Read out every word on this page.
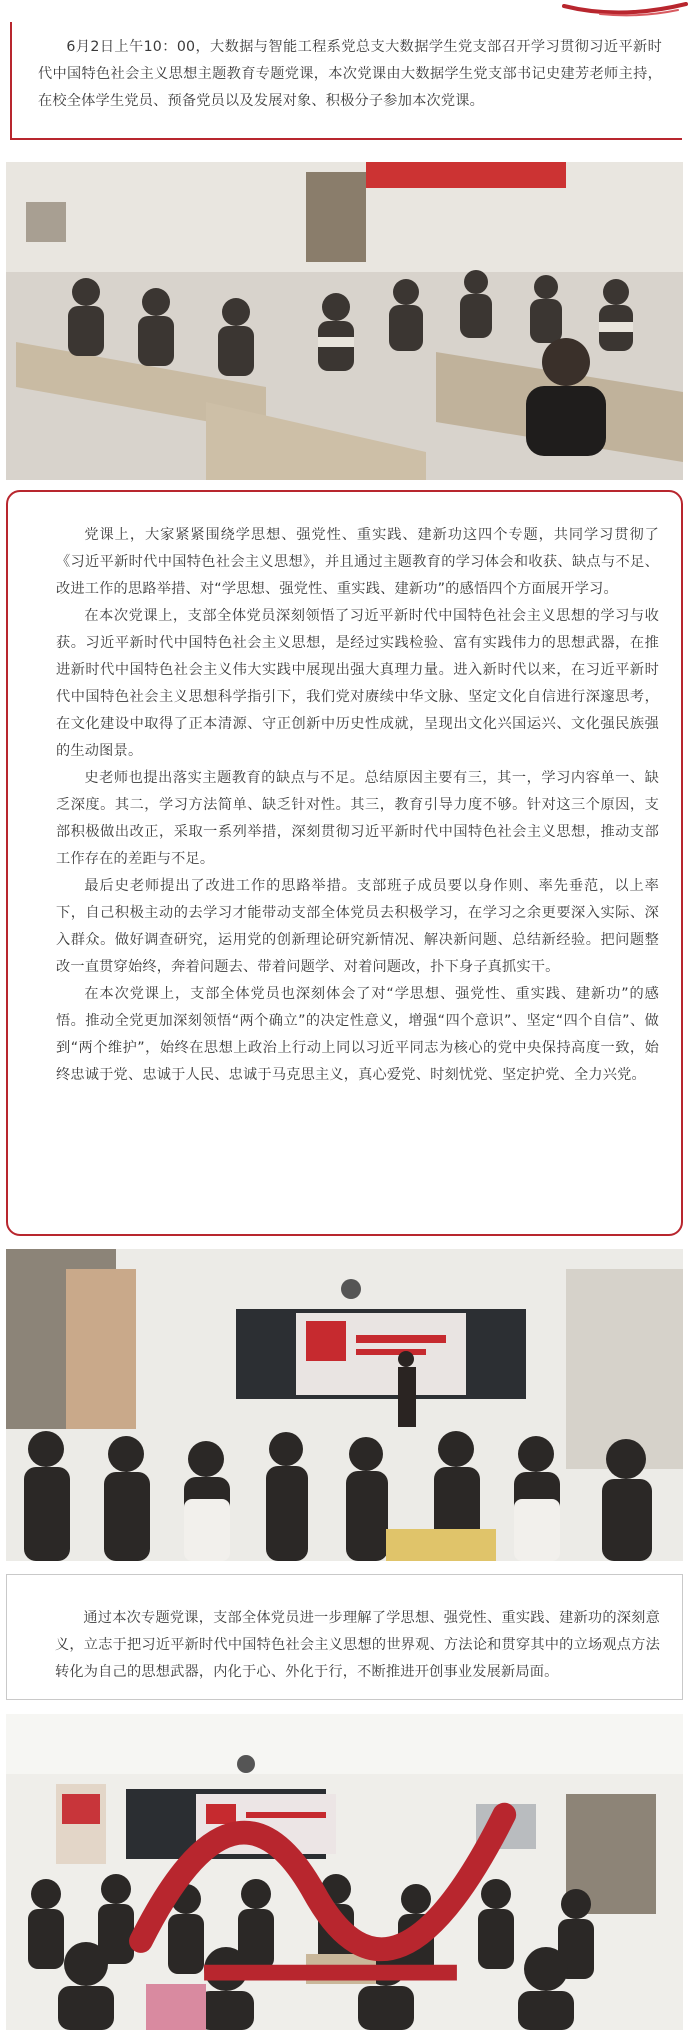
6月2日上午10：00，大数据与智能工程系党总支大数据学生党支部召开学习贯彻习近平新时代中国特色社会主义思想主题教育专题党课，本次党课由大数据学生党支部书记史建芳老师主持，在校全体学生党员、预备党员以及发展对象、积极分子参加本次党课。

党课上，大家紧紧围绕学思想、强党性、重实践、建新功这四个专题，共同学习贯彻了《习近平新时代中国特色社会主义思想》，并且通过主题教育的学习体会和收获、缺点与不足、改进工作的思路举措、对“学思想、强党性、重实践、建新功”的感悟四个方面展开学习。

在本次党课上，支部全体党员深刻领悟了习近平新时代中国特色社会主义思想的学习与收获。习近平新时代中国特色社会主义思想，是经过实践检验、富有实践伟力的思想武器，在推进新时代中国特色社会主义伟大实践中展现出强大真理力量。进入新时代以来，在习近平新时代中国特色社会主义思想科学指引下，我们党对赓续中华文脉、坚定文化自信进行深邃思考，在文化建设中取得了正本清源、守正创新中历史性成就，呈现出文化兴国运兴、文化强民族强的生动图景。

史老师也提出落实主题教育的缺点与不足。总结原因主要有三，其一，学习内容单一、缺乏深度。其二，学习方法简单、缺乏针对性。其三，教育引导力度不够。针对这三个原因，支部积极做出改正，采取一系列举措，深刻贯彻习近平新时代中国特色社会主义思想，推动支部工作存在的差距与不足。

最后史老师提出了改进工作的思路举措。支部班子成员要以身作则、率先垂范，以上率下，自己积极主动的去学习才能带动支部全体党员去积极学习，在学习之余更要深入实际、深入群众。做好调查研究，运用党的创新理论研究新情况、解决新问题、总结新经验。把问题整改一直贯穿始终，奔着问题去、带着问题学、对着问题改，扑下身子真抓实干。

在本次党课上，支部全体党员也深刻体会了对“学思想、强党性、重实践、建新功”的感悟。推动全党更加深刻领悟“两个确立”的决定性意义，增强“四个意识”、坚定“四个自信”、做到“两个维护”，始终在思想上政治上行动上同以习近平同志为核心的党中央保持高度一致，始终忠诚于党、忠诚于人民、忠诚于马克思主义，真心爱党、时刻忧党、坚定护党、全力兴党。

通过本次专题党课，支部全体党员进一步理解了学思想、强党性、重实践、建新功的深刻意义，立志于把习近平新时代中国特色社会主义思想的世界观、方法论和贯穿其中的立场观点方法转化为自己的思想武器，内化于心、外化于行，不断推进开创事业发展新局面。
